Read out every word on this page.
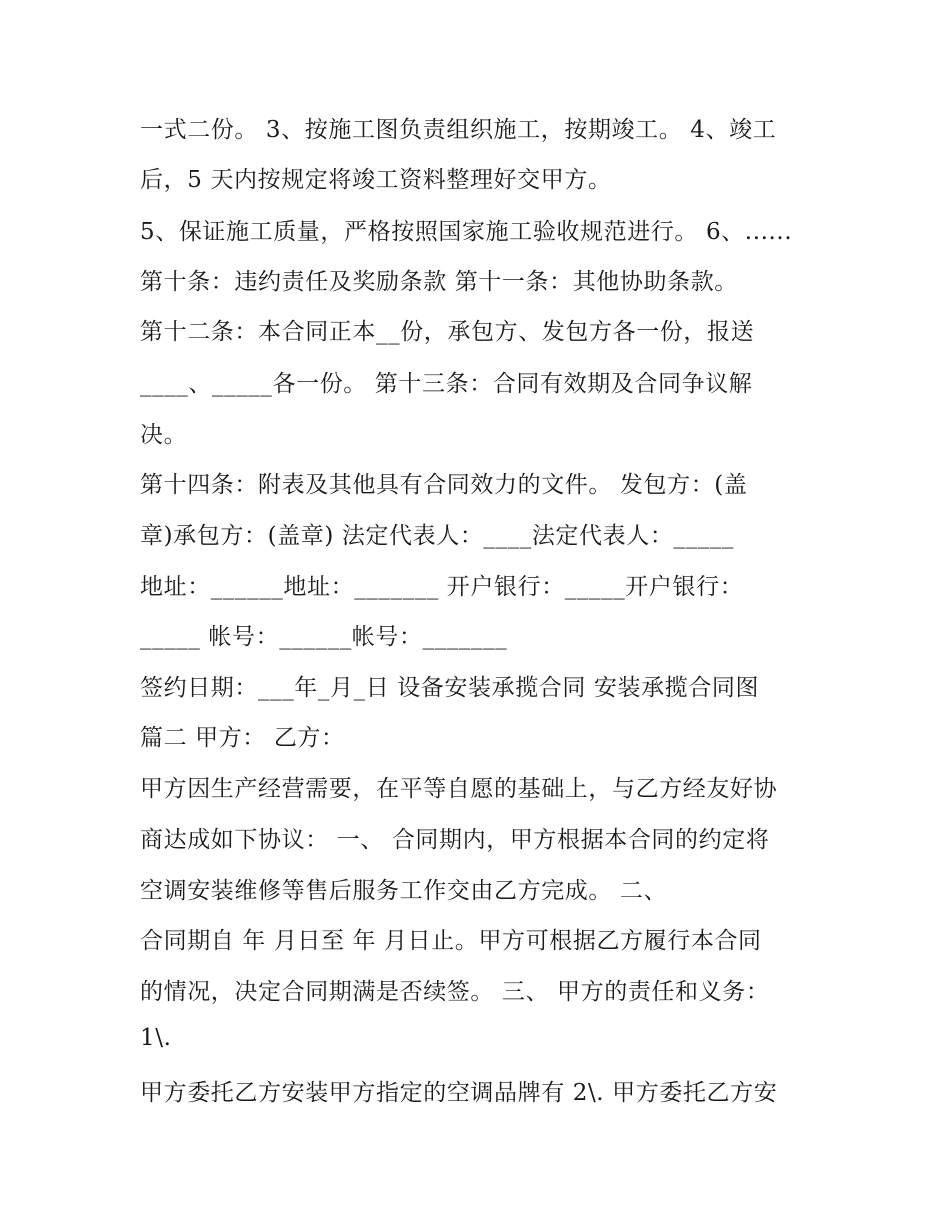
一式二份。 3、按施工图负责组织施工，按期竣工。 4、竣工
后，5 天内按规定将竣工资料整理好交甲方。
5、保证施工质量，严格按照国家施工验收规范进行。 6、......
第十条：违约责任及奖励条款 第十一条：其他协助条款。
第十二条：本合同正本__份，承包方、发包方各一份，报送
____、_____各一份。 第十三条：合同有效期及合同争议解
决。
第十四条：附表及其他具有合同效力的文件。 发包方：(盖
章)承包方：(盖章) 法定代表人：____法定代表人：_____
地址：______地址：_______ 开户银行：_____开户银行：
_____ 帐号：______帐号：_______
签约日期：___年_月_日 设备安装承揽合同 安装承揽合同图
篇二 甲方： 乙方：
甲方因生产经营需要，在平等自愿的基础上，与乙方经友好协
商达成如下协议： 一、 合同期内，甲方根据本合同的约定将
空调安装维修等售后服务工作交由乙方完成。 二、
合同期自 年 月日至 年 月日止。甲方可根据乙方履行本合同
的情况，决定合同期满是否续签。 三、 甲方的责任和义务：
1\.
甲方委托乙方安装甲方指定的空调品牌有 2\. 甲方委托乙方安
